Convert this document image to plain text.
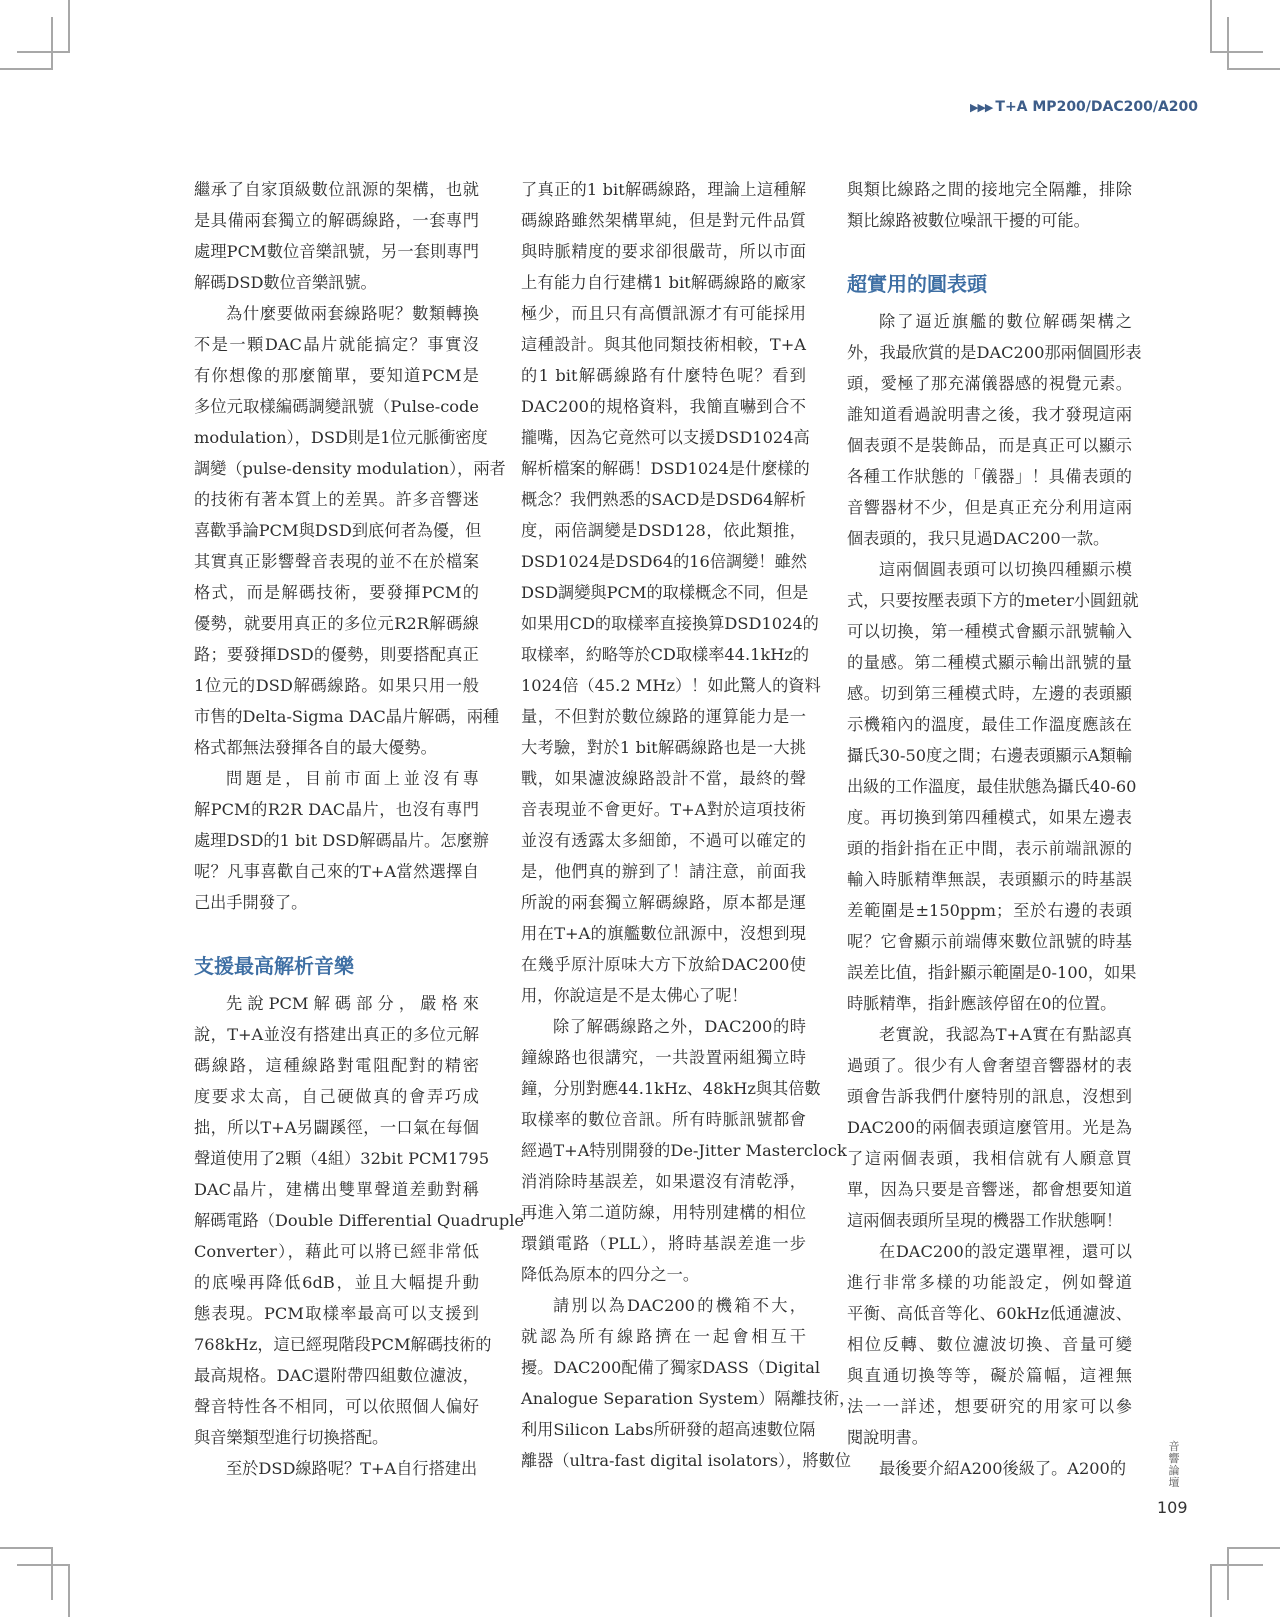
▶▶▶ T+A MP200/DAC200/A200
繼承了自家頂級數位訊源的架構，也就
是具備兩套獨立的解碼線路，一套專門
處理PCM數位音樂訊號，另一套則專門
解碼DSD數位音樂訊號。
為什麼要做兩套線路呢？數類轉換
不是一顆DAC晶片就能搞定？事實沒
有你想像的那麼簡單，要知道PCM是
多位元取樣編碼調變訊號（Pulse-code
modulation），DSD則是1位元脈衝密度
調變（pulse-density modulation），兩者
的技術有著本質上的差異。許多音響迷
喜歡爭論PCM與DSD到底何者為優，但
其實真正影響聲音表現的並不在於檔案
格式，而是解碼技術，要發揮PCM的
優勢，就要用真正的多位元R2R解碼線
路；要發揮DSD的優勢，則要搭配真正
1位元的DSD解碼線路。如果只用一般
市售的Delta-Sigma DAC晶片解碼，兩種
格式都無法發揮各自的最大優勢。
問題是，目前市面上並沒有專
解PCM的R2R DAC晶片，也沒有專門
處理DSD的1 bit DSD解碼晶片。怎麼辦
呢？凡事喜歡自己來的T+A當然選擇自
己出手開發了。
支援最高解析音樂
先說PCM解碼部分，嚴格來
說，T+A並沒有搭建出真正的多位元解
碼線路，這種線路對電阻配對的精密
度要求太高，自己硬做真的會弄巧成
拙，所以T+A另闢蹊徑，一口氣在每個
聲道使用了2顆（4組）32bit PCM1795
DAC晶片，建構出雙單聲道差動對稱
解碼電路（Double Differential Quadruple
Converter），藉此可以將已經非常低
的底噪再降低6dB，並且大幅提升動
態表現。PCM取樣率最高可以支援到
768kHz，這已經現階段PCM解碼技術的
最高規格。DAC還附帶四組數位濾波，
聲音特性各不相同，可以依照個人偏好
與音樂類型進行切換搭配。
至於DSD線路呢？T+A自行搭建出
了真正的1 bit解碼線路，理論上這種解
碼線路雖然架構單純，但是對元件品質
與時脈精度的要求卻很嚴苛，所以市面
上有能力自行建構1 bit解碼線路的廠家
極少，而且只有高價訊源才有可能採用
這種設計。與其他同類技術相較，T+A
的1 bit解碼線路有什麼特色呢？看到
DAC200的規格資料，我簡直嚇到合不
攏嘴，因為它竟然可以支援DSD1024高
解析檔案的解碼！DSD1024是什麼樣的
概念？我們熟悉的SACD是DSD64解析
度，兩倍調變是DSD128，依此類推，
DSD1024是DSD64的16倍調變！雖然
DSD調變與PCM的取樣概念不同，但是
如果用CD的取樣率直接換算DSD1024的
取樣率，約略等於CD取樣率44.1kHz的
1024倍（45.2 MHz）！如此驚人的資料
量，不但對於數位線路的運算能力是一
大考驗，對於1 bit解碼線路也是一大挑
戰，如果濾波線路設計不當，最終的聲
音表現並不會更好。T+A對於這項技術
並沒有透露太多細節，不過可以確定的
是，他們真的辦到了！請注意，前面我
所說的兩套獨立解碼線路，原本都是運
用在T+A的旗艦數位訊源中，沒想到現
在幾乎原汁原味大方下放給DAC200使
用，你說這是不是太佛心了呢！
除了解碼線路之外，DAC200的時
鐘線路也很講究，一共設置兩組獨立時
鐘，分別對應44.1kHz、48kHz與其倍數
取樣率的數位音訊。所有時脈訊號都會
經過T+A特別開發的De-Jitter Masterclock
消消除時基誤差，如果還沒有清乾淨，
再進入第二道防線，用特別建構的相位
環鎖電路（PLL），將時基誤差進一步
降低為原本的四分之一。
請別以為DAC200的機箱不大，
就認為所有線路擠在一起會相互干
擾。DAC200配備了獨家DASS（Digital
Analogue Separation System）隔離技術，
利用Silicon Labs所研發的超高速數位隔
離器（ultra-fast digital isolators），將數位
與類比線路之間的接地完全隔離，排除
類比線路被數位噪訊干擾的可能。
超實用的圓表頭
除了逼近旗艦的數位解碼架構之
外，我最欣賞的是DAC200那兩個圓形表
頭，愛極了那充滿儀器感的視覺元素。
誰知道看過說明書之後，我才發現這兩
個表頭不是裝飾品，而是真正可以顯示
各種工作狀態的「儀器」！具備表頭的
音響器材不少，但是真正充分利用這兩
個表頭的，我只見過DAC200一款。
這兩個圓表頭可以切換四種顯示模
式，只要按壓表頭下方的meter小圓鈕就
可以切換，第一種模式會顯示訊號輸入
的量感。第二種模式顯示輸出訊號的量
感。切到第三種模式時，左邊的表頭顯
示機箱內的溫度，最佳工作溫度應該在
攝氏30-50度之間；右邊表頭顯示A類輸
出級的工作溫度，最佳狀態為攝氏40-60
度。再切換到第四種模式，如果左邊表
頭的指針指在正中間，表示前端訊源的
輸入時脈精準無誤，表頭顯示的時基誤
差範圍是±150ppm；至於右邊的表頭
呢？它會顯示前端傳來數位訊號的時基
誤差比值，指針顯示範圍是0-100，如果
時脈精準，指針應該停留在0的位置。
老實說，我認為T+A實在有點認真
過頭了。很少有人會奢望音響器材的表
頭會告訴我們什麼特別的訊息，沒想到
DAC200的兩個表頭這麼管用。光是為
了這兩個表頭，我相信就有人願意買
單，因為只要是音響迷，都會想要知道
這兩個表頭所呈現的機器工作狀態啊！
在DAC200的設定選單裡，還可以
進行非常多樣的功能設定，例如聲道
平衡、高低音等化、60kHz低通濾波、
相位反轉、數位濾波切換、音量可變
與直通切換等等，礙於篇幅，這裡無
法一一詳述，想要研究的用家可以參
閱說明書。
最後要介紹A200後級了。A200的
音
響
論
壇
109
